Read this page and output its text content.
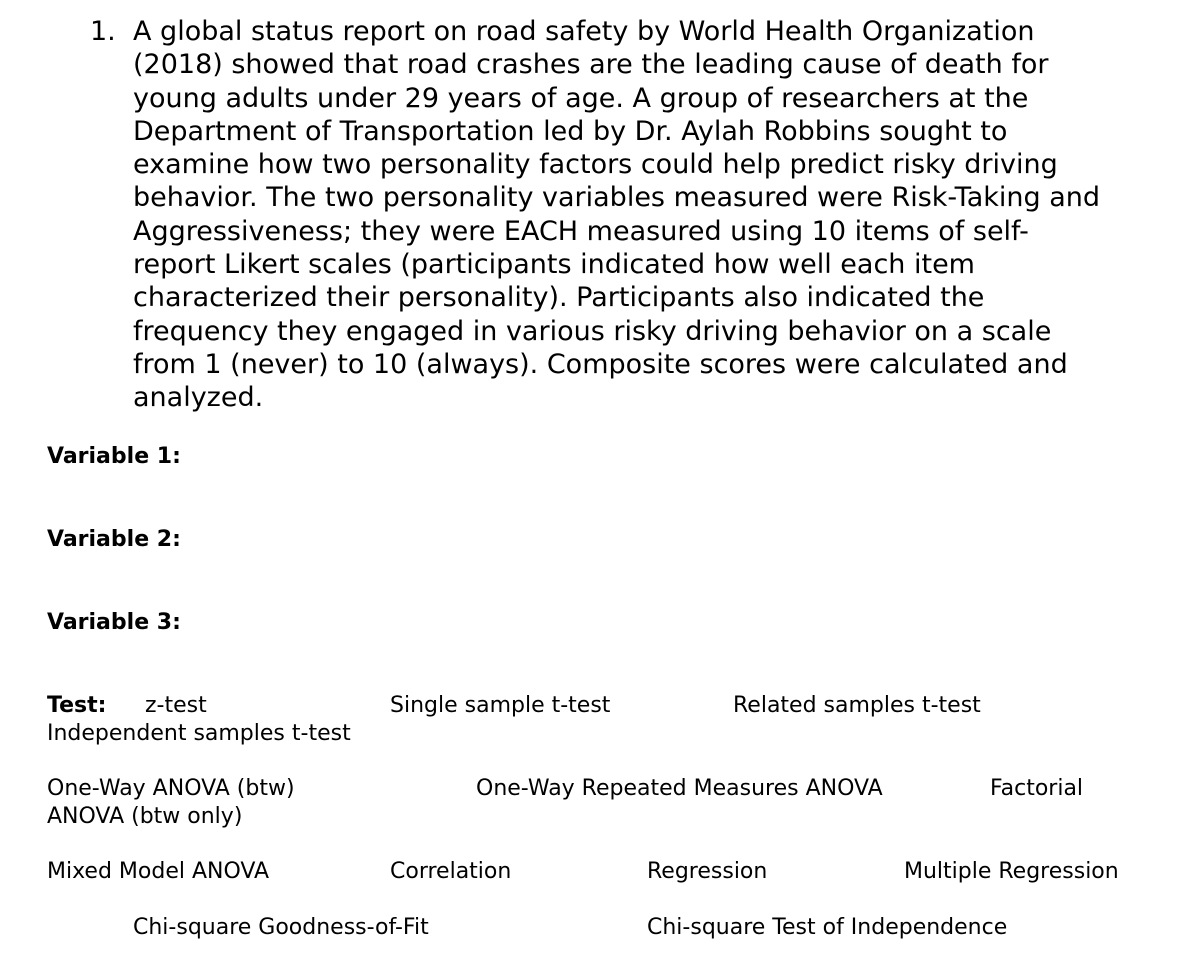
1. A global status report on road safety by World Health Organization
(2018) showed that road crashes are the leading cause of death for
young adults under 29 years of age. A group of researchers at the
Department of Transportation led by Dr. Aylah Robbins sought to
examine how two personality factors could help predict risky driving
behavior. The two personality variables measured were Risk-Taking and
Aggressiveness; they were EACH measured using 10 items of self-
report Likert scales (participants indicated how well each item
characterized their personality). Participants also indicated the
frequency they engaged in various risky driving behavior on a scale
from 1 (never) to 10 (always). Composite scores were calculated and
analyzed.
Variable 1:
Variable 2:
Variable 3:
Test: z-test	Single sample t-test	Related samples t-test
Independent samples t-test
One-Way ANOVA (btw)	One-Way Repeated Measures ANOVA	Factorial
ANOVA (btw only)
Mixed Model ANOVA	Correlation	Regression	Multiple Regression
Chi-square Goodness-of-Fit	Chi-square Test of Independence
